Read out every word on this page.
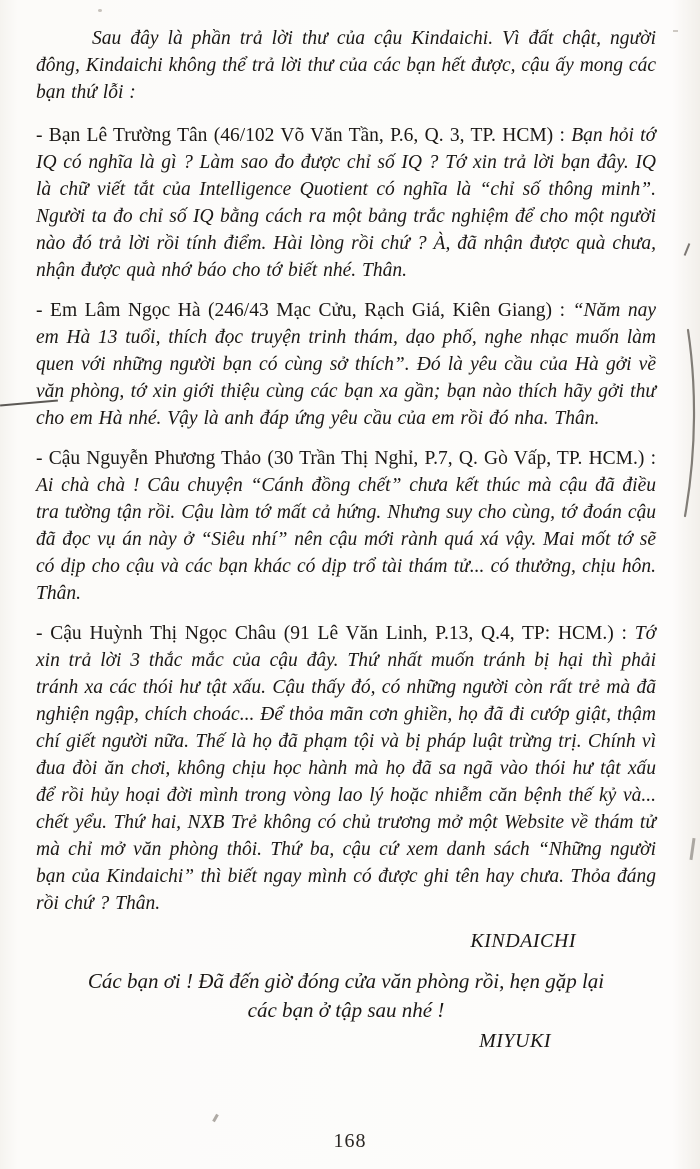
Sau đây là phần trả lời thư của cậu Kindaichi. Vì đất chật, người đông, Kindaichi không thể trả lời thư của các bạn hết được, cậu ấy mong các bạn thứ lỗi :

- Bạn Lê Trường Tân (46/102 Võ Văn Tần, P.6, Q. 3, TP. HCM) : Bạn hỏi tớ IQ có nghĩa là gì ? Làm sao đo được chỉ số IQ ? Tớ xin trả lời bạn đây. IQ là chữ viết tắt của Intelligence Quotient có nghĩa là “chỉ số thông minh”. Người ta đo chỉ số IQ bằng cách ra một bảng trắc nghiệm để cho một người nào đó trả lời rồi tính điểm. Hài lòng rồi chứ ? À, đã nhận được quà chưa, nhận được quà nhớ báo cho tớ biết nhé. Thân.

- Em Lâm Ngọc Hà (246/43 Mạc Cửu, Rạch Giá, Kiên Giang) : “Năm nay em Hà 13 tuổi, thích đọc truyện trinh thám, dạo phố, nghe nhạc muốn làm quen với những người bạn có cùng sở thích”. Đó là yêu cầu của Hà gởi về văn phòng, tớ xin giới thiệu cùng các bạn xa gần; bạn nào thích hãy gởi thư cho em Hà nhé. Vậy là anh đáp ứng yêu cầu của em rồi đó nha. Thân.

- Cậu Nguyễn Phương Thảo (30 Trần Thị Nghỉ, P.7, Q. Gò Vấp, TP. HCM.) : Ai chà chà ! Câu chuyện “Cánh đồng chết” chưa kết thúc mà cậu đã điều tra tường tận rồi. Cậu làm tớ mất cả hứng. Nhưng suy cho cùng, tớ đoán cậu đã đọc vụ án này ở “Siêu nhí” nên cậu mới rành quá xá vậy. Mai mốt tớ sẽ có dịp cho cậu và các bạn khác có dịp trổ tài thám tử... có thưởng, chịu hôn. Thân.

- Cậu Huỳnh Thị Ngọc Châu (91 Lê Văn Linh, P.13, Q.4, TP: HCM.) : Tớ xin trả lời 3 thắc mắc của cậu đây. Thứ nhất muốn tránh bị hại thì phải tránh xa các thói hư tật xấu. Cậu thấy đó, có những người còn rất trẻ mà đã nghiện ngập, chích choác... Để thỏa mãn cơn ghiền, họ đã đi cướp giật, thậm chí giết người nữa. Thế là họ đã phạm tội và bị pháp luật trừng trị. Chính vì đua đòi ăn chơi, không chịu học hành mà họ đã sa ngã vào thói hư tật xấu để rồi hủy hoại đời mình trong vòng lao lý hoặc nhiễm căn bệnh thế kỷ và... chết yểu. Thứ hai, NXB Trẻ không có chủ trương mở một Website về thám tử mà chỉ mở văn phòng thôi. Thứ ba, cậu cứ xem danh sách “Những người bạn của Kindaichi” thì biết ngay mình có được ghi tên hay chưa. Thỏa đáng rồi chứ ? Thân.

KINDAICHI
Các bạn ơi ! Đã đến giờ đóng cửa văn phòng rồi, hẹn gặp lại
các bạn ở tập sau nhé !
MIYUKI
168
